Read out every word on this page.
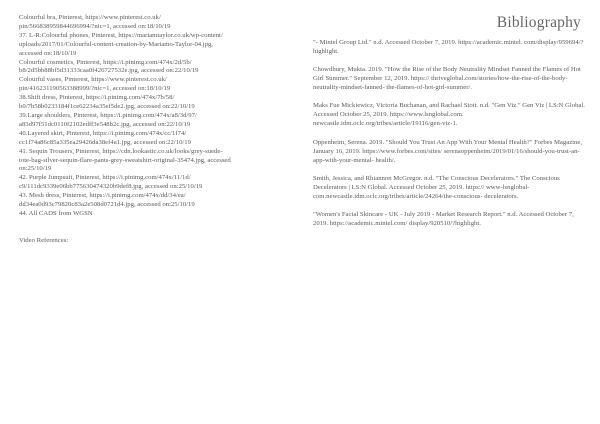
Colourful bra, Pinterest, https://www.pinterest.co.uk/
pin/566838959844696994/?nic=1, accessed on:18/10/19

37. L-R:Colourful phones, Pinterest, https://mariamtaylor.co.uk/wp-content/
uploads/2017/01/Colourful-content-creation-by-Mariamo-Taylor-04.jpg,
accessed on:18/10/19

Colourful cosmetics, Pinterest, https://i.pinimg.com/474x/2d/5b/
b8/2d5bb88bf5d31333caa0f426727532e.jpg, accessed on:22/10/19

Colourful vases, Pinterest, https://www.pinterest.co.uk/
pin/416231190563388999/?nic=1, accessed on:18/10/19

38.Shift dress, Pinterest, https://i.pinimg.com/474x/7b/58/
b0/7b58b0233184f1ce62234a35ef5de2.jpg, accessed on:22/10/19

39.Large shoulders, Pinterest, https://i.pinimg.com/474x/a8/3d/97/
a83d97f51dc0110f2102edff3e548b2c.jpg, accessed on:22/10/19

40.Layered skirt, Pinterest, https://i.pinimg.com/474x/cc/1f74/
cc1f74a86c85a335ea29426da38ef4a1.jpg, accessed on:22/10/19

41. Sequin Trousers, Pinterest, https://cdn.lookastic.co.uk/looks/grey-suede-
tote-bag-silver-sequin-flare-pants-grey-sweatshirt-original-35474.jpg, accessed
on:25/10/19

42. Purple Jumpsuit, Pinterest, https://i.pinimg.com/474x/11/1d/
c9/111dc9339e06bb775630474320b9def8.jpg, accessed on:25/10/19

43. Mesh dress, Pinterest, https://i.pinimg.com/474x/dd/34/ea/
dd34ea0d93c79820c83a2e508d0721d4.jpg, accessed on:25/10/19

44. All CADS from WGSN

Video References:

Bibliography

"- Mintel Group Ltd." n.d. Accessed October 7, 2019. https://academic.mintel. com/display/959694/?highlight.

Chowdhury, Mukta. 2019. "How the Rise of the Body Neutrality Mindset Fanned the Flames of Hot Girl Summer." September 12, 2019. https:// thriveglobal.com/stories/how-the-rise-of-the-body-neutrality-mindset-fanned- the-flames-of-hot-girl-summer/.

Maks Fue Mickiewicz, Victoria Buchanan, and Rachael Stott. n.d. "Gen Viz." Gen Viz | LS:N Global. Accessed October 25, 2019. https://www.lsnglobal.com. newcastle.idm.oclc.org/tribes/article/19116/gen-viz-1.

Oppenheim, Serena. 2019. "Should You Trust An App With Your Mental Health?" Forbes Magazine, January 16, 2019. https://www.forbes.com/sites/ serenaoppenheim/2019/01/16/should-you-trust-an-app-with-your-mental- health/.

Smith, Jessica, and Rhiannon McGregor. n.d. "The Conscious Decelerators." The Conscious Decelerators | LS:N Global. Accessed October 25, 2019. https:// www-lsnglobal-com.newcastle.idm.oclc.org/tribes/article/24264/the-conscious- decelerators.

"Women's Facial Skincare - UK - July 2019 - Market Research Report." n.d. Accessed October 7, 2019. https://academic.mintel.com/ display/920510/?highlight.
